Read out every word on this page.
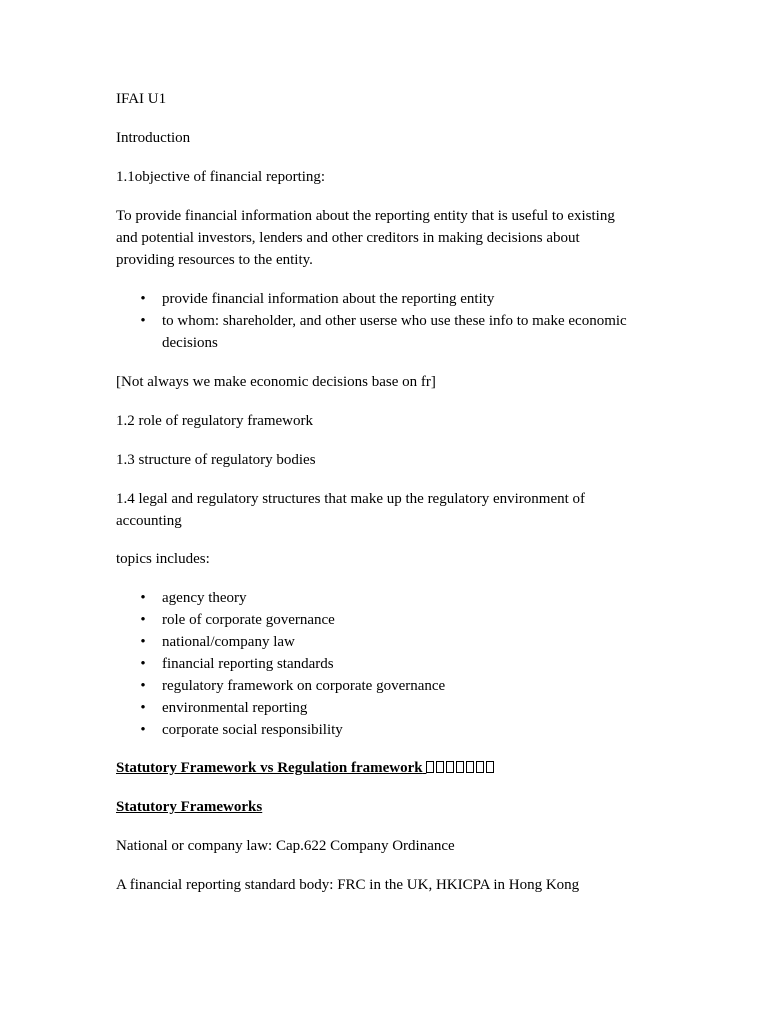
IFAI U1
Introduction
1.1objective of financial reporting:
To provide financial information about the reporting entity that is useful to existing
and potential investors, lenders and other creditors in making decisions about
providing resources to the entity.
• provide financial information about the reporting entity
• to whom: shareholder, and other userse who use these info to make economic
decisions
[Not always we make economic decisions base on fr]
1.2 role of regulatory framework
1.3 structure of regulatory bodies
1.4 legal and regulatory structures that make up the regulatory environment of
accounting
topics includes:
• agency theory
• role of corporate governance
• national/company law
• financial reporting standards
• regulatory framework on corporate governance
• environmental reporting
• corporate social responsibility
Statutory Framework vs Regulation framework
Statutory Frameworks
National or company law: Cap.622 Company Ordinance
A financial reporting standard body: FRC in the UK, HKICPA in Hong Kong
